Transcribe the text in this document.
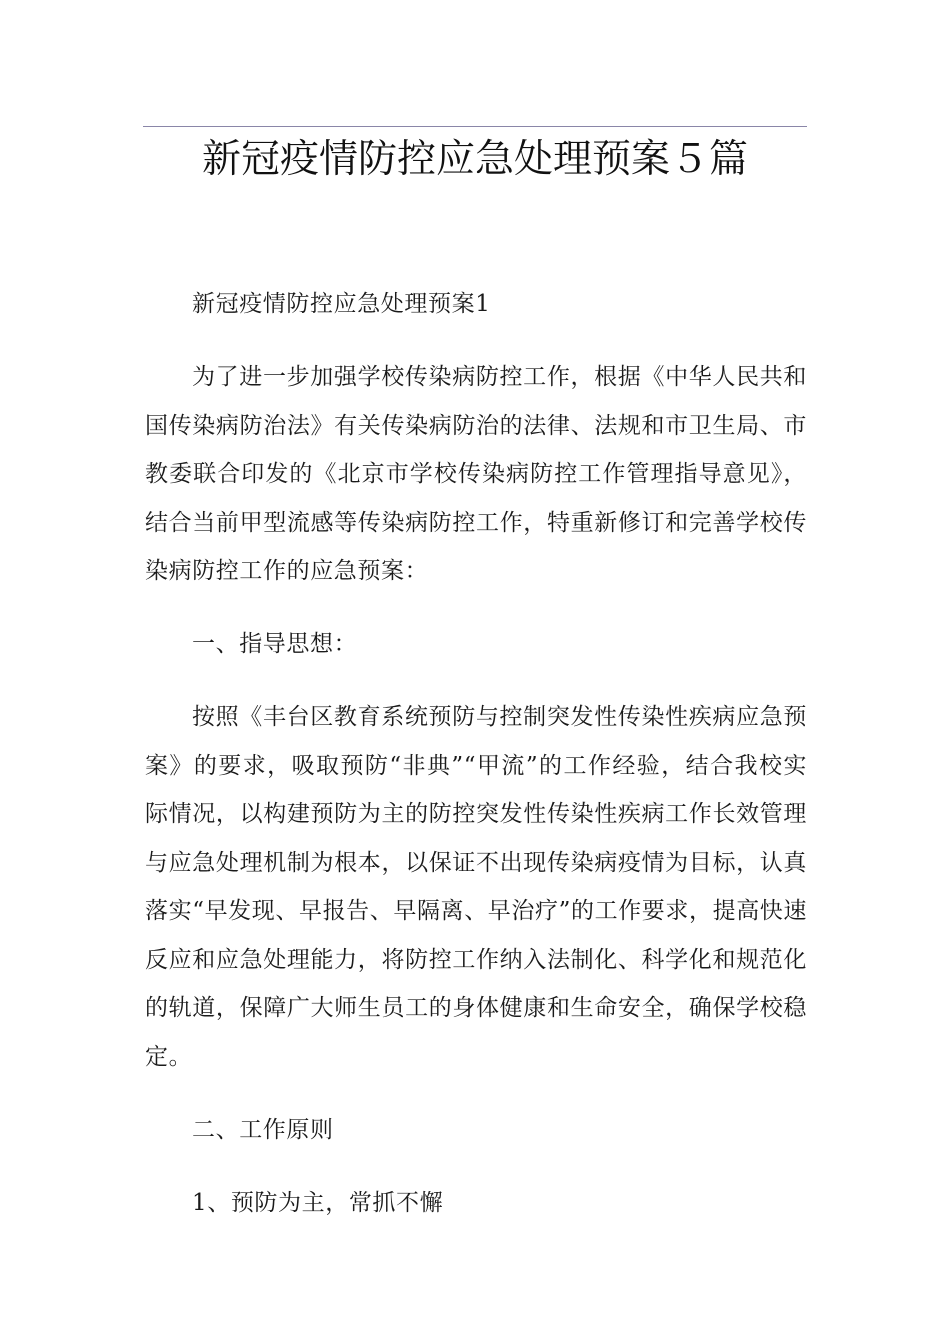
新冠疫情防控应急处理预案５篇

新冠疫情防控应急处理预案1

为了进一步加强学校传染病防控工作，根据《中华人民共和国传染病防治法》有关传染病防治的法律、法规和市卫生局、市教委联合印发的《北京市学校传染病防控工作管理指导意见》，结合当前甲型流感等传染病防控工作，特重新修订和完善学校传染病防控工作的应急预案：

一、指导思想：

按照《丰台区教育系统预防与控制突发性传染性疾病应急预案》的要求，吸取预防“非典”“甲流”的工作经验，结合我校实际情况，以构建预防为主的防控突发性传染性疾病工作长效管理与应急处理机制为根本，以保证不出现传染病疫情为目标，认真落实“早发现、早报告、早隔离、早治疗”的工作要求，提高快速反应和应急处理能力，将防控工作纳入法制化、科学化和规范化的轨道，保障广大师生员工的身体健康和生命安全，确保学校稳定。

二、工作原则

1、预防为主，常抓不懈
